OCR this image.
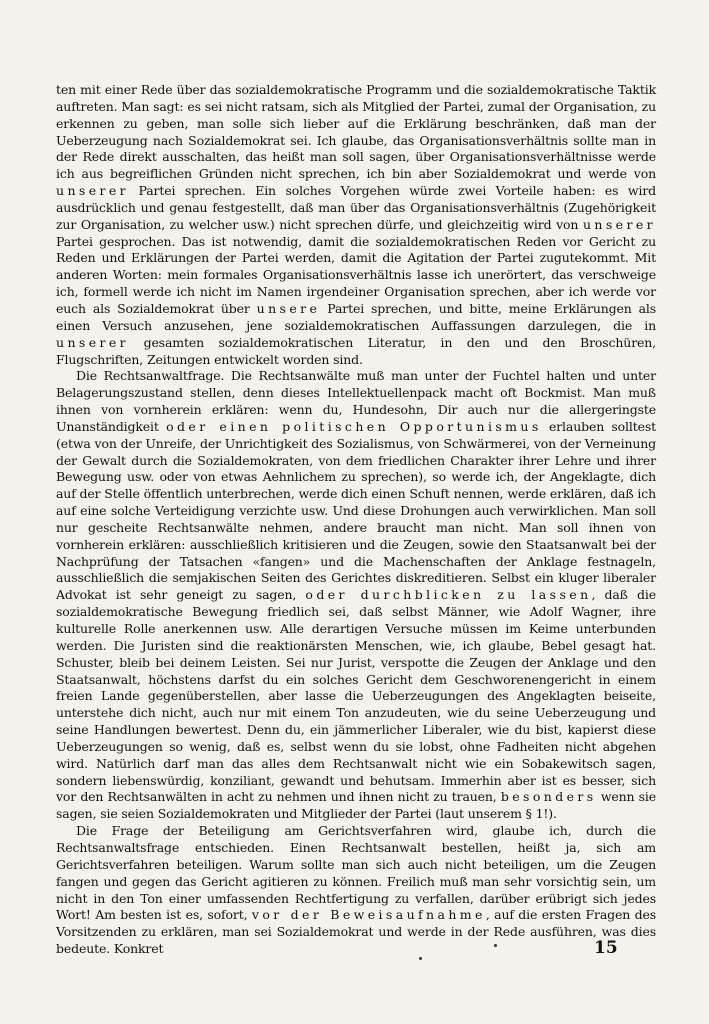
ten mit einer Rede über das sozialdemokratische Programm und die sozialdemokratische Taktik auftreten. Man sagt: es sei nicht ratsam, sich als Mitglied der Partei, zumal der Organisation, zu erkennen zu geben, man solle sich lieber auf die Erklärung beschränken, daß man der Ueberzeugung nach Sozialdemokrat sei. Ich glaube, das Organisationsverhältnis sollte man in der Rede direkt ausschalten, das heißt man soll sagen, über Organisationsverhältnisse werde ich aus begreiflichen Gründen nicht sprechen, ich bin aber Sozialdemokrat und werde von unserer Partei sprechen. Ein solches Vorgehen würde zwei Vorteile haben: es wird ausdrücklich und genau festgestellt, daß man über das Organisationsverhältnis (Zugehörigkeit zur Organisation, zu welcher usw.) nicht sprechen dürfe, und gleichzeitig wird von unserer Partei gesprochen. Das ist notwendig, damit die sozialdemokratischen Reden vor Gericht zu Reden und Erklärungen der Partei werden, damit die Agitation der Partei zugutekommt. Mit anderen Worten: mein formales Organisationsverhältnis lasse ich unerörtert, das verschweige ich, formell werde ich nicht im Namen irgendeiner Organisation sprechen, aber ich werde vor euch als Sozialdemokrat über unsere Partei sprechen, und bitte, meine Erklärungen als einen Versuch anzusehen, jene sozialdemokratischen Auffassungen darzulegen, die in unserer gesamten sozialdemokratischen Literatur, in den und den Broschüren, Flugschriften, Zeitungen entwickelt worden sind.

Die Rechtsanwaltfrage. Die Rechtsanwälte muß man unter der Fuchtel halten und unter Belagerungszustand stellen, denn dieses Intellektuellenpack macht oft Bockmist. Man muß ihnen von vornherein erklären: wenn du, Hundesohn, Dir auch nur die allergeringste Unanständigkeit oder einen politischen Opportunismus erlauben solltest (etwa von der Unreife, der Unrichtigkeit des Sozialismus, von Schwärmerei, von der Verneinung der Gewalt durch die Sozialdemokraten, von dem friedlichen Charakter ihrer Lehre und ihrer Bewegung usw. oder von etwas Aehnlichem zu sprechen), so werde ich, der Angeklagte, dich auf der Stelle öffentlich unterbrechen, werde dich einen Schuft nennen, werde erklären, daß ich auf eine solche Verteidigung verzichte usw. Und diese Drohungen auch verwirklichen. Man soll nur gescheite Rechtsanwälte nehmen, andere braucht man nicht. Man soll ihnen von vornherein erklären: ausschließlich kritisieren und die Zeugen, sowie den Staatsanwalt bei der Nachprüfung der Tatsachen «fangen» und die Machenschaften der Anklage festnageln, ausschließlich die semjakischen Seiten des Gerichtes diskreditieren. Selbst ein kluger liberaler Advokat ist sehr geneigt zu sagen, oder durchblicken zu lassen, daß die sozialdemokratische Bewegung friedlich sei, daß selbst Männer, wie Adolf Wagner, ihre kulturelle Rolle anerkennen usw. Alle derartigen Versuche müssen im Keime unterbunden werden. Die Juristen sind die reaktionärsten Menschen, wie, ich glaube, Bebel gesagt hat. Schuster, bleib bei deinem Leisten. Sei nur Jurist, verspotte die Zeugen der Anklage und den Staatsanwalt, höchstens darfst du ein solches Gericht dem Geschworenengericht in einem freien Lande gegenüberstellen, aber lasse die Ueberzeugungen des Angeklagten beiseite, unterstehe dich nicht, auch nur mit einem Ton anzudeuten, wie du seine Ueberzeugung und seine Handlungen bewertest. Denn du, ein jämmerlicher Liberaler, wie du bist, kapierst diese Ueberzeugungen so wenig, daß es, selbst wenn du sie lobst, ohne Fadheiten nicht abgehen wird. Natürlich darf man das alles dem Rechtsanwalt nicht wie ein Sobakewitsch sagen, sondern liebenswürdig, konziliant, gewandt und behutsam. Immerhin aber ist es besser, sich vor den Rechtsanwälten in acht zu nehmen und ihnen nicht zu trauen, besonders wenn sie sagen, sie seien Sozialdemokraten und Mitglieder der Partei (laut unserem § 1!).

Die Frage der Beteiligung am Gerichtsverfahren wird, glaube ich, durch die Rechtsanwaltsfrage entschieden. Einen Rechtsanwalt bestellen, heißt ja, sich am Gerichtsverfahren beteiligen. Warum sollte man sich auch nicht beteiligen, um die Zeugen fangen und gegen das Gericht agitieren zu können. Freilich muß man sehr vorsichtig sein, um nicht in den Ton einer umfassenden Rechtfertigung zu verfallen, darüber erübrigt sich jedes Wort! Am besten ist es, sofort, vor der Beweisaufnahme, auf die ersten Fragen des Vorsitzenden zu erklären, man sei Sozialdemokrat und werde in der Rede ausführen, was dies bedeute. Konkret	15
